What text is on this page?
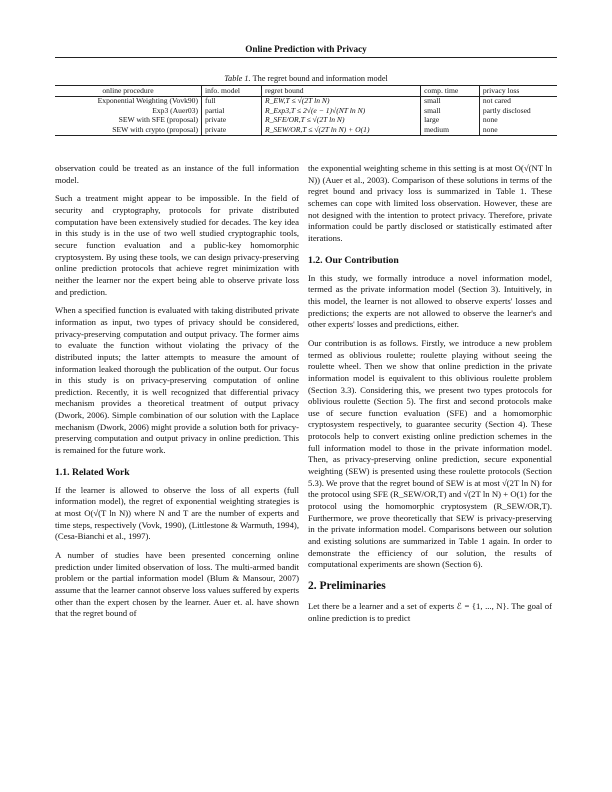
Online Prediction with Privacy
Table 1. The regret bound and information model
online procedure	info. model	regret bound	comp. time	privacy loss
Exponential Weighting (Vovk90)	full	R_EW,T ≤ √(2T ln N)	small	not cared
Exp3 (Auer03)	partial	R_Exp3,T ≤ 2√(e − 1)√(NT ln N)	small	partly disclosed
SEW with SFE (proposal)	private	R_SFE/OR,T ≤ √(2T ln N)	large	none
SEW with crypto (proposal)	private	R_SEW/OR,T ≤ √(2T ln N) + O(1)	medium	none

observation could be treated as an instance of the full information model.

Such a treatment might appear to be impossible. In the field of security and cryptography, protocols for private distributed computation have been extensively studied for decades. The key idea in this study is in the use of two well studied cryptographic tools, secure function evaluation and a public-key homomorphic cryptosystem. By using these tools, we can design privacy-preserving online prediction protocols that achieve regret minimization with neither the learner nor the expert being able to observe private loss and prediction.

When a specified function is evaluated with taking distributed private information as input, two types of privacy should be considered, privacy-preserving computation and output privacy. The former aims to evaluate the function without violating the privacy of the distributed inputs; the latter attempts to measure the amount of information leaked thorough the publication of the output. Our focus in this study is on privacy-preserving computation of online prediction. Recently, it is well recognized that differential privacy mechanism provides a theoretical treatment of output privacy (Dwork, 2006). Simple combination of our solution with the Laplace mechanism (Dwork, 2006) might provide a solution both for privacy-preserving computation and output privacy in online prediction. This is remained for the future work.

1.1. Related Work

If the learner is allowed to observe the loss of all experts (full information model), the regret of exponential weighting strategies is at most O(√(T ln N)) where N and T are the number of experts and time steps, respectively (Vovk, 1990), (Littlestone & Warmuth, 1994), (Cesa-Bianchi et al., 1997).

A number of studies have been presented concerning online prediction under limited observation of loss. The multi-armed bandit problem or the partial information model (Blum & Mansour, 2007) assume that the learner cannot observe loss values suffered by experts other than the expert chosen by the learner. Auer et. al. have shown that the regret bound of

the exponential weighting scheme in this setting is at most O(√(NT ln N)) (Auer et al., 2003). Comparison of these solutions in terms of the regret bound and privacy loss is summarized in Table 1. These schemes can cope with limited loss observation. However, these are not designed with the intention to protect privacy. Therefore, private information could be partly disclosed or statistically estimated after iterations.

1.2. Our Contribution

In this study, we formally introduce a novel information model, termed as the private information model (Section 3). Intuitively, in this model, the learner is not allowed to observe experts' losses and predictions; the experts are not allowed to observe the learner's and other experts' losses and predictions, either.

Our contribution is as follows. Firstly, we introduce a new problem termed as oblivious roulette; roulette playing without seeing the roulette wheel. Then we show that online prediction in the private information model is equivalent to this oblivious roulette problem (Section 3.3). Considering this, we present two types protocols for oblivious roulette (Section 5). The first and second protocols make use of secure function evaluation (SFE) and a homomorphic cryptosystem respectively, to guarantee security (Section 4). These protocols help to convert existing online prediction schemes in the full information model to those in the private information model. Then, as privacy-preserving online prediction, secure exponential weighting (SEW) is presented using these roulette protocols (Section 5.3). We prove that the regret bound of SEW is at most √(2T ln N) for the protocol using SFE (R_SEW/OR,T) and √(2T ln N) + O(1) for the protocol using the homomorphic cryptosystem (R_SEW/OR,T). Furthermore, we prove theoretically that SEW is privacy-preserving in the private information model. Comparisons between our solution and existing solutions are summarized in Table 1 again. In order to demonstrate the efficiency of our solution, the results of computational experiments are shown (Section 6).

2. Preliminaries

Let there be a learner and a set of experts ℰ = {1, ..., N}. The goal of online prediction is to predict
